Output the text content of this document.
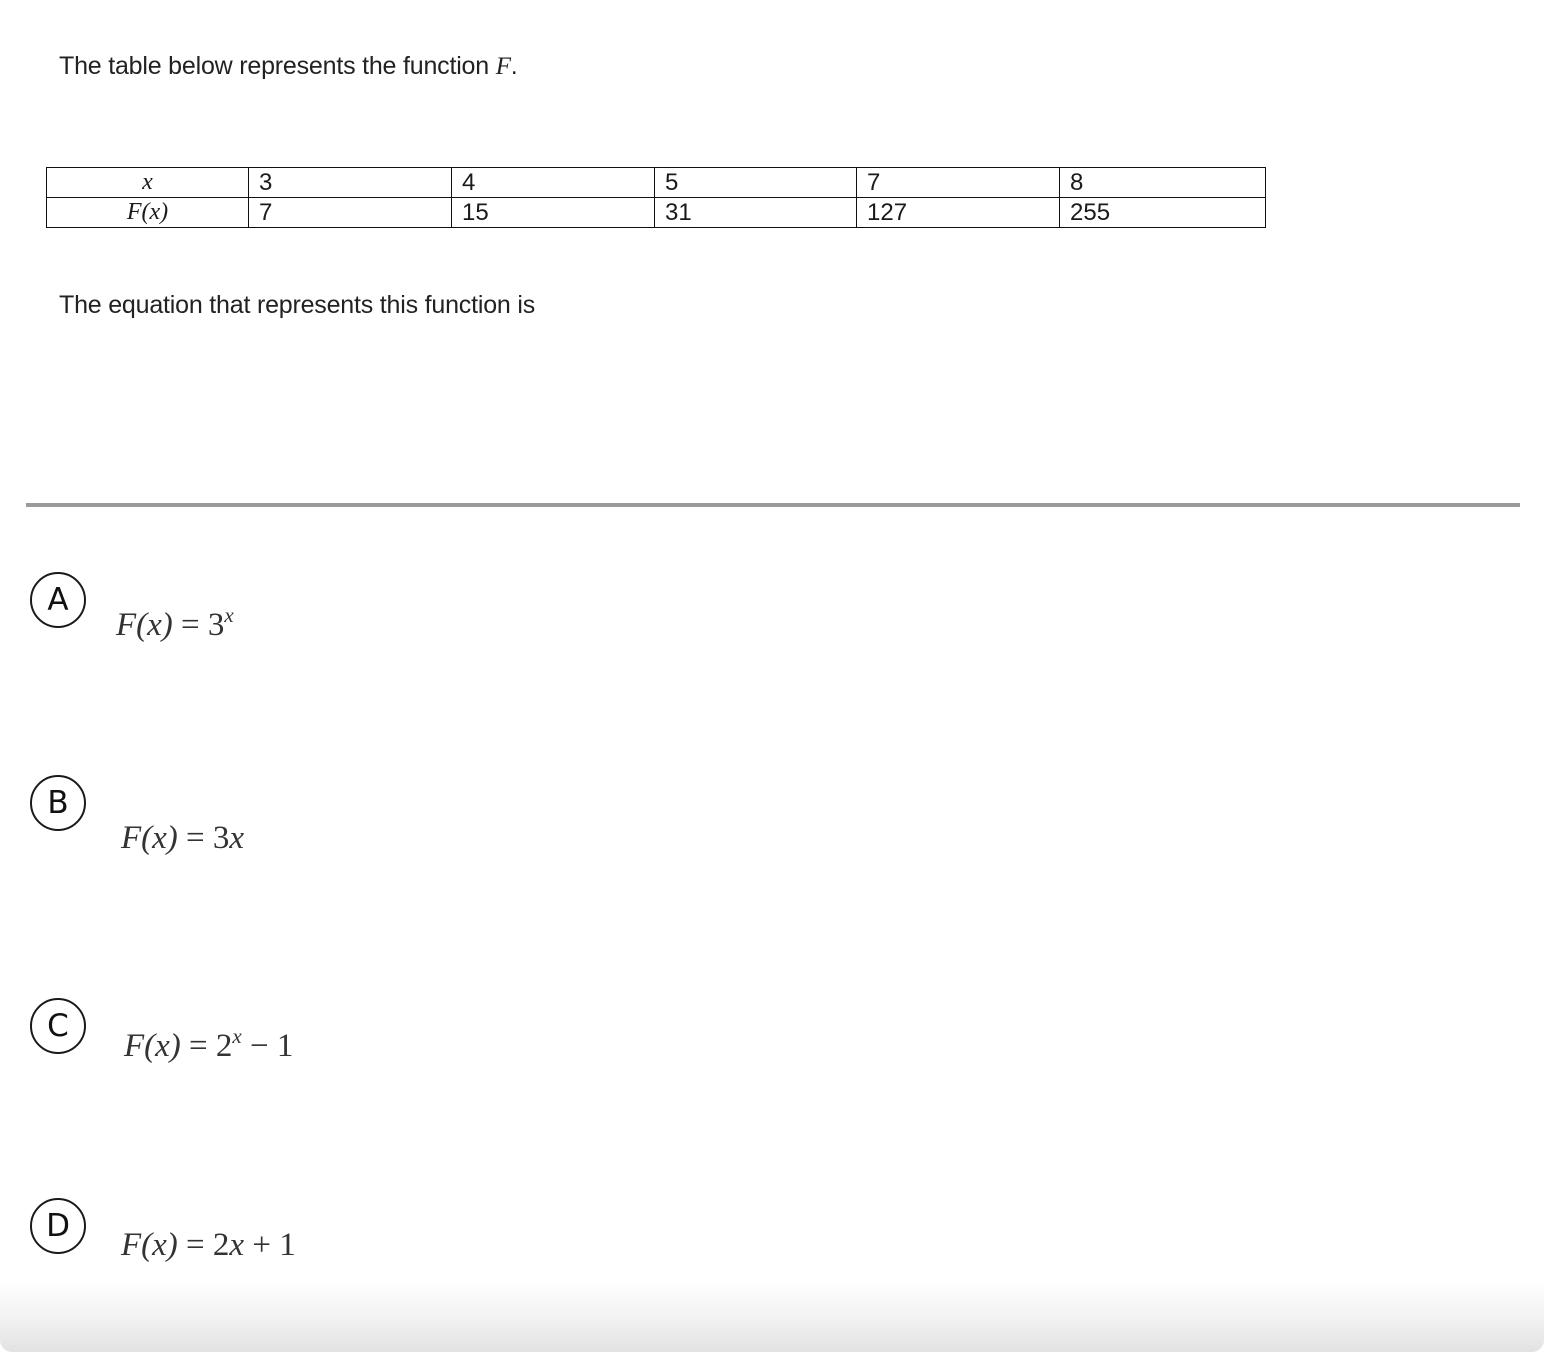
The table below represents the function F.
x	3	4	5	7	8
F(x)	7	15	31	127	255
The equation that represents this function is
A
$F(x) = 3^x$
B
F(x) = 3x
C
$F(x) = 2^x - 1$
D
F(x) = 2x + 1
